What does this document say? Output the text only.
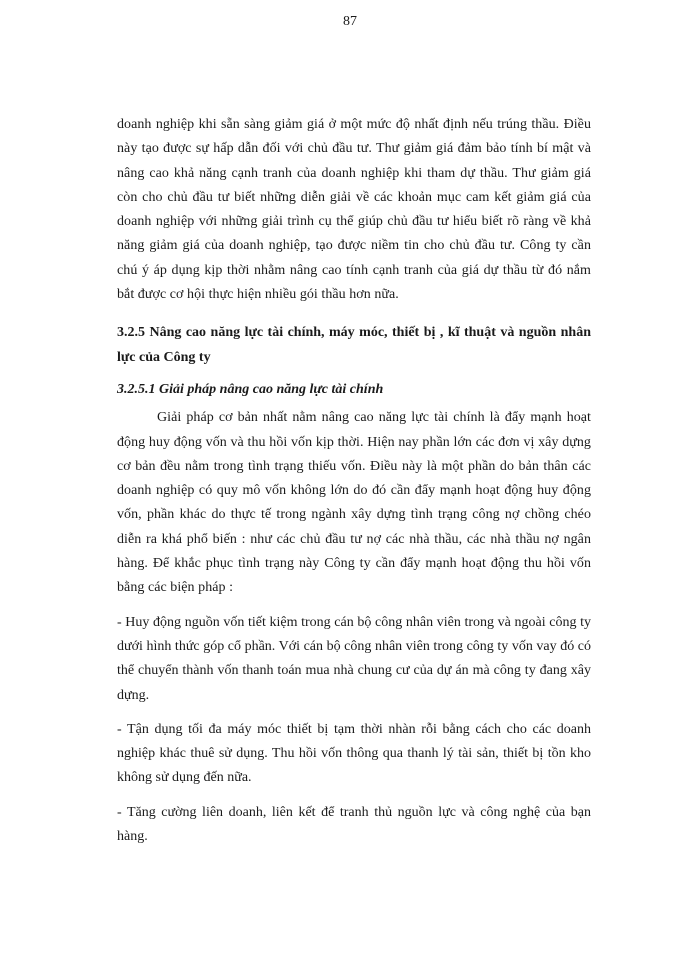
87

doanh nghiệp khi sẵn sàng giảm giá ở một mức độ nhất định nếu trúng thầu. Điều này tạo được sự hấp dẫn đối với chủ đầu tư. Thư giảm giá đảm bảo tính bí mật và nâng cao khả năng cạnh tranh của doanh nghiệp khi tham dự thầu. Thư giảm giá còn cho chủ đầu tư biết những diễn giải về các khoản mục cam kết giảm giá của doanh nghiệp với những giải trình cụ thể giúp chủ đầu tư hiểu biết rõ ràng về khả năng giảm giá của doanh nghiệp, tạo được niềm tin cho chủ đầu tư. Công ty cần chú ý áp dụng kịp thời nhằm nâng cao tính cạnh tranh của giá dự thầu từ đó nắm bắt được cơ hội thực hiện nhiều gói thầu hơn nữa.

3.2.5 Nâng cao năng lực tài chính, máy móc, thiết bị , kĩ thuật và nguồn nhân lực của Công ty

3.2.5.1 Giải pháp nâng cao năng lực tài chính

Giải pháp cơ bản nhất nằm nâng cao năng lực tài chính là đẩy mạnh hoạt động huy động vốn và thu hồi vốn kịp thời. Hiện nay phần lớn các đơn vị xây dựng cơ bản đều nằm trong tình trạng thiếu vốn. Điều này là một phần do bản thân các doanh nghiệp có quy mô vốn không lớn do đó cần đẩy mạnh hoạt động huy động vốn, phần khác do thực tế trong ngành xây dựng tình trạng công nợ chồng chéo diễn ra khá phổ biến : như các chủ đầu tư nợ các nhà thầu, các nhà thầu nợ ngân hàng. Để khắc phục tình trạng này Công ty cần đẩy mạnh hoạt động thu hồi vốn bằng các biện pháp :

- Huy động nguồn vốn tiết kiệm trong cán bộ công nhân viên trong và ngoài công ty dưới hình thức góp cổ phần. Với cán bộ công nhân viên trong công ty vốn vay đó có thể chuyển thành vốn thanh toán mua nhà chung cư của dự án mà công ty đang xây dựng.

- Tận dụng tối đa máy móc thiết bị tạm thời nhàn rỗi bằng cách cho các doanh nghiệp khác thuê sử dụng. Thu hồi vốn thông qua thanh lý tài sản, thiết bị tồn kho không sử dụng đến nữa.

- Tăng cường liên doanh, liên kết để tranh thủ nguồn lực và công nghệ của bạn hàng.
